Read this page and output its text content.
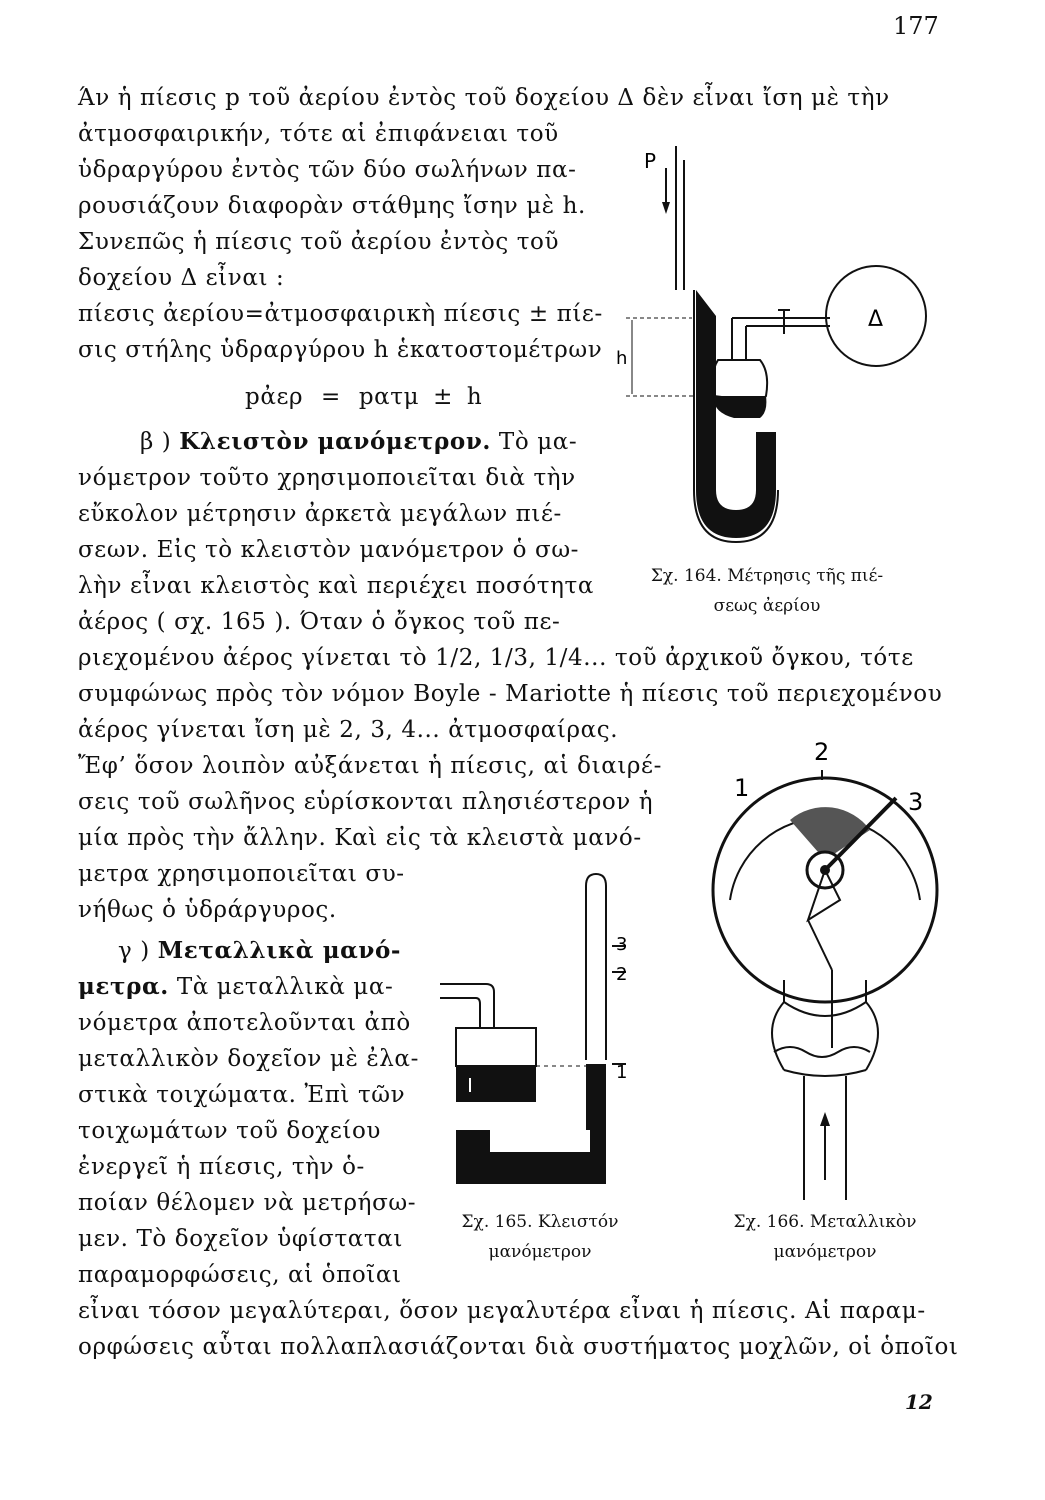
177
Άν ἡ πίεσις p τοῦ ἀερίου ἐντὸς τοῦ δοχείου Δ δὲν εἶναι ἴση μὲ τὴν
ἀτμοσφαιρικήν, τότε αἱ ἐπιφάνειαι τοῦ
ὑδραργύρου ἐντὸς τῶν δύο σωλήνων πα-
ρουσιάζουν διαφορὰν στάθμης ἴσην μὲ h.
Συνεπῶς ἡ πίεσις τοῦ ἀερίου ἐντὸς τοῦ
δοχείου Δ εἶναι :
πίεσις ἀερίου=ἀτμοσφαιρικὴ πίεσις ± πίε-
σις στήλης ὑδραργύρου h ἑκατοστομέτρων
pἀερ = pατμ ± h
β ) Κλειστὸν μανόμετρον. Τὸ μα-
νόμετρον τοῦτο χρησιμοποιεῖται διὰ τὴν
εὔκολον μέτρησιν ἀρκετὰ μεγάλων πιέ-
σεων. Εἰς τὸ κλειστὸν μανόμετρον ὁ σω-
λὴν εἶναι κλειστὸς καὶ περιέχει ποσότητα
ἀέρος ( σχ. 165 ). Όταν ὁ ὄγκος τοῦ πε-
ριεχομένου ἀέρος γίνεται τὸ 1/2, 1/3, 1/4... τοῦ ἀρχικοῦ ὄγκου, τότε
συμφώνως πρὸς τὸν νόμον Boyle - Mariotte ἡ πίεσις τοῦ περιεχομένου
ἀέρος γίνεται ἴση μὲ 2, 3, 4... ἀτμοσφαίρας.
Ἔφ’ ὅσον λοιπὸν αὐξάνεται ἡ πίεσις, αἱ διαιρέ-
σεις τοῦ σωλῆνος εὑρίσκονται πλησιέστερον ἡ
μία πρὸς τὴν ἄλλην. Καὶ εἰς τὰ κλειστὰ μανό-
μετρα χρησιμοποιεῖται συ-
νήθως ὁ ὑδράργυρος.
γ ) Μεταλλικὰ μανό-
μετρα. Τὰ μεταλλικὰ μα-
νόμετρα ἀποτελοῦνται ἀπὸ
μεταλλικὸν δοχεῖον μὲ ἐλα-
στικὰ τοιχώματα. Ἐπὶ τῶν
τοιχωμάτων τοῦ δοχείου
ἐνεργεῖ ἡ πίεσις, τὴν ὁ-
ποίαν θέλομεν νὰ μετρήσω-
μεν. Τὸ δοχεῖον ὑφίσταται
παραμορφώσεις, αἱ ὁποῖαι
εἶναι τόσον μεγαλύτεραι, ὅσον μεγαλυτέρα εἶναι ἡ πίεσις. Αἱ παραμ-
ορφώσεις αὗται πολλαπλασιάζονται διὰ συστήματος μοχλῶν, οἱ ὁποῖοι
P
Δ
h
Σχ. 164. Μέτρησις τῆς πιέ-
σεως ἀερίου
3
2
1
Σχ. 165. Κλειστόν
μανόμετρον
2
1	3
Σχ. 166. Μεταλλικὸν
μανόμετρον
12
